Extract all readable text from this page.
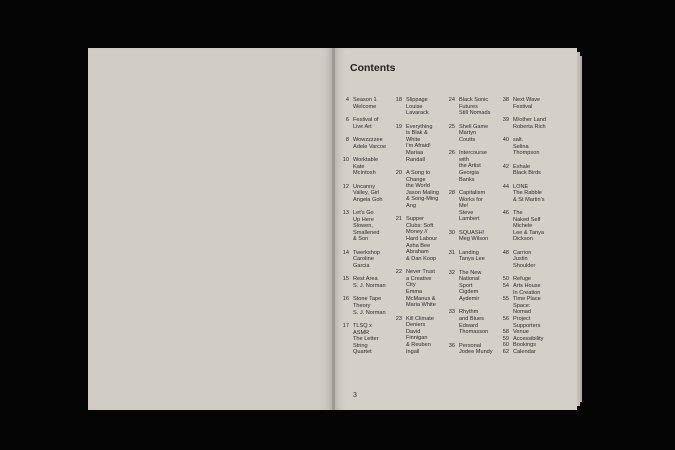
Contents
4 Season 1
Welcome
6 Festival of
Live Art
8 Wowzzzzee
Adele Varcoe
10 Worktable
Kate
McIntosh
12 Uncanny
Valley, Girl
Angela Goh
13 Let's Go
Up Here
Slowen,
Smallened
& Son
14 Twerkshop
Caroline
Garcia
15 Rest Area
S. J. Norman
16 Stone Tape
Theory
S. J. Norman
17 TLSQ x
ASMR
The Letter
String
Quartet
18 Slippage
Louise
Lavarack
19 Everything
is Blak &
White
I'm Afraid!
Mariaa
Randall
20 A Song to
Change
the World
Jason Maling
& Song-Ming
Ang
21 Supper
Clubs: Soft
Money //
Hard Labour
Asha Bee
Abraham
& Dan Koop
22 Never Trust
a Creative
City
Emma
McManus &
Maria White
23 Kill Climate
Deniers
David
Finnigan
& Reuben
Ingall
24 Black Sonic
Futures
Still Nomads
25 Shell Game
Martyn
Coutts
26 Intercourse
with
the Artist
Georgia
Banks
28 Capitalism
Works for
Me!
Steve
Lambert
30 SQUASH!
Meg Wilson
31 Landing
Tanya Lee
32 The New
National
Sport
Cigdem
Aydemir
33 Rhythm
and Blues
Edward
Thomasson
36 Personal
Jodee Mundy
38 Next Wave
Festival
39 M/other Land
Roberta Rich
40 salt.
Selina
Thompson
42 Exhale
Black Birds
44 LONE
The Rabble
& St Martin's
46 The
Naked Self
Michele
Lee & Tanya
Dickson
48 Carrion
Justin
Shoulder
50 Refuge
54 Arts House
In Creation
55 Time Place
Space:
Nomad
56 Project
Supporters
58 Venue
59 Accessibility
60 Bookings
62 Calendar
3
